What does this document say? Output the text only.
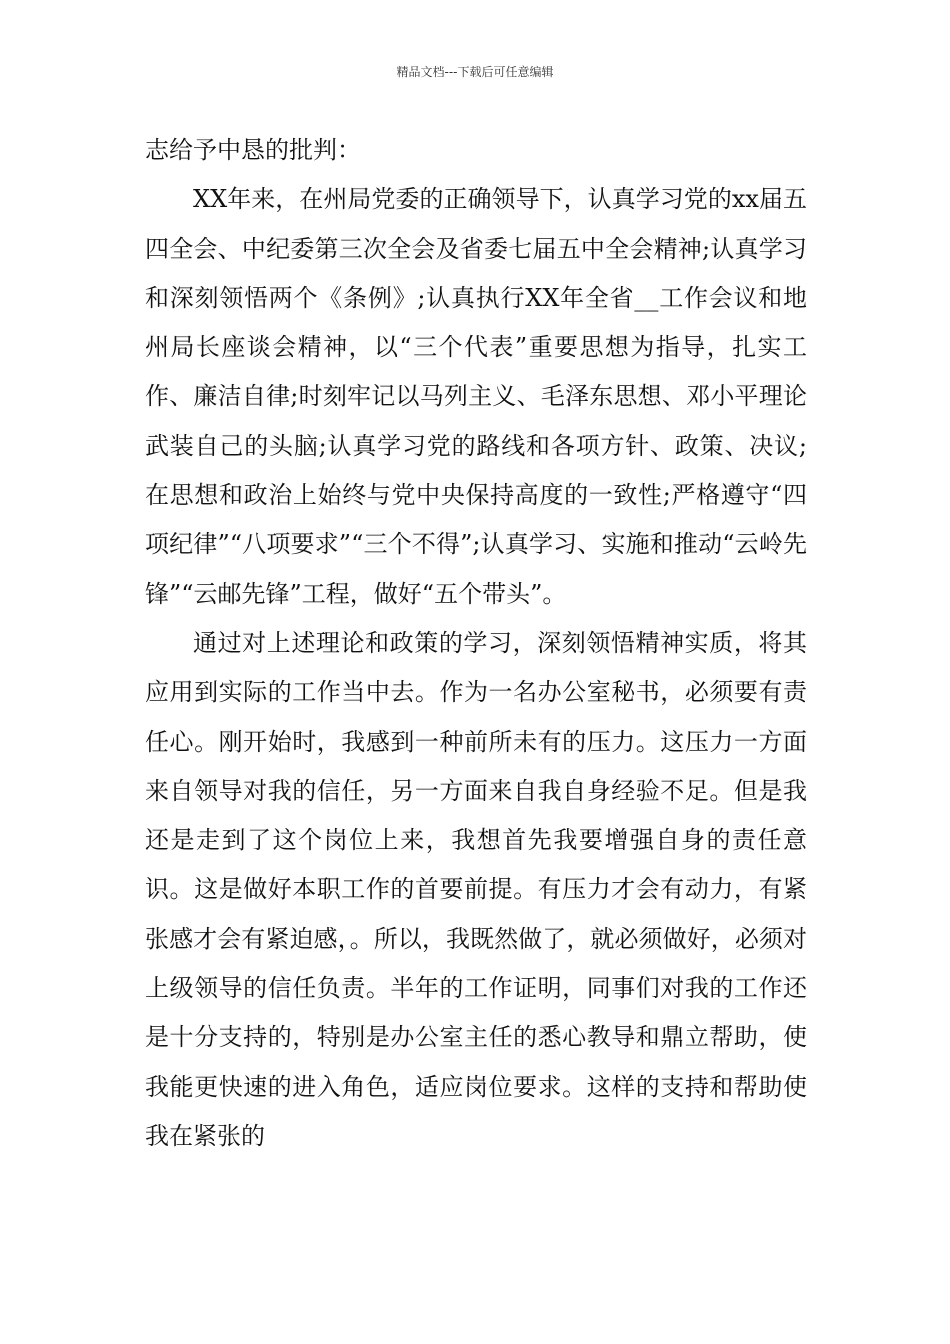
精品文档---下载后可任意编辑

志给予中恳的批判：

XX年来，在州局党委的正确领导下，认真学习党的xx届五四全会、中纪委第三次全会及省委七届五中全会精神;认真学习和深刻领悟两个《条例》;认真执行XX年全省__工作会议和地州局长座谈会精神，以“三个代表”重要思想为指导，扎实工作、廉洁自律;时刻牢记以马列主义、毛泽东思想、邓小平理论武装自己的头脑;认真学习党的路线和各项方针、政策、决议;在思想和政治上始终与党中央保持高度的一致性;严格遵守“四项纪律”“八项要求”“三个不得”;认真学习、实施和推动“云岭先锋”“云邮先锋”工程，做好“五个带头”。

通过对上述理论和政策的学习，深刻领悟精神实质，将其应用到实际的工作当中去。作为一名办公室秘书，必须要有责任心。刚开始时，我感到一种前所未有的压力。这压力一方面来自领导对我的信任，另一方面来自我自身经验不足。但是我还是走到了这个岗位上来，我想首先我要增强自身的责任意识。这是做好本职工作的首要前提。有压力才会有动力，有紧张感才会有紧迫感，。所以，我既然做了，就必须做好，必须对上级领导的信任负责。半年的工作证明，同事们对我的工作还是十分支持的，特别是办公室主任的悉心教导和鼎立帮助，使我能更快速的进入角色，适应岗位要求。这样的支持和帮助使我在紧张的
